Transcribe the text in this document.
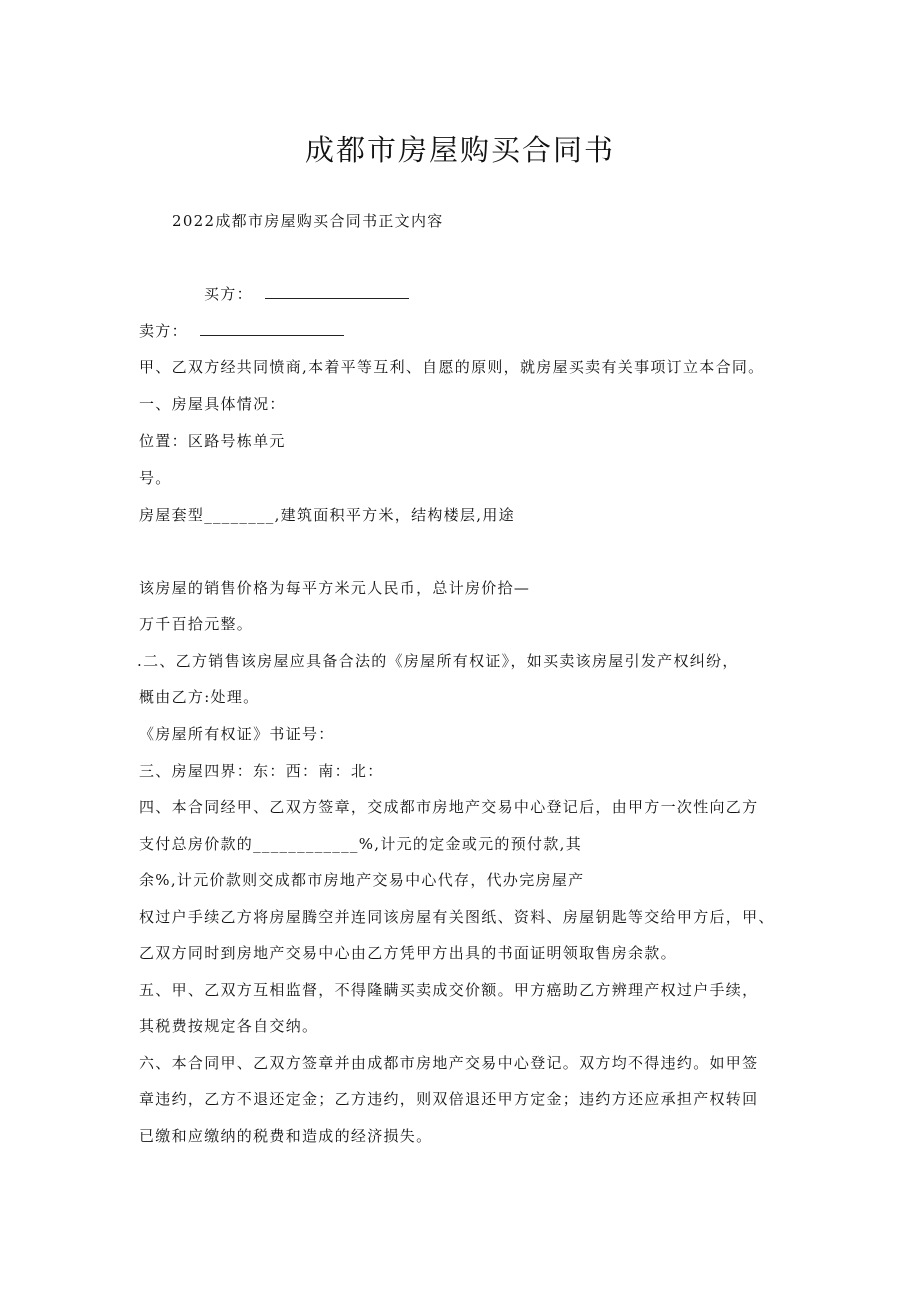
成都市房屋购买合同书
2022成都市房屋购买合同书正文内容
买方：
卖方：
甲、乙双方经共同愤商,本着平等互利、自愿的原则，就房屋买卖有关事项订立本合同。
一、房屋具体情况：
位置：区路号栋单元
号。
房屋套型________,建筑面积平方米，结构楼层,用途
该房屋的销售价格为每平方米元人民币，总计房价拾—
万千百拾元整。
.二、乙方销售该房屋应具备合法的《房屋所有权证》，如买卖该房屋引发产权纠纷，
概由乙方:处理。
《房屋所有权证》书证号：
三、房屋四界：东：西：南：北：
四、本合同经甲、乙双方签章，交成都市房地产交易中心登记后，由甲方一次性向乙方
支付总房价款的____________%,计元的定金或元的预付款,其
余%,计元价款则交成都市房地产交易中心代存，代办完房屋产
权过户手续乙方将房屋腾空并连同该房屋有关图纸、资料、房屋钥匙等交给甲方后，甲、
乙双方同时到房地产交易中心由乙方凭甲方出具的书面证明领取售房余款。
五、甲、乙双方互相监督，不得隆瞒买卖成交价额。甲方癌助乙方辨理产权过户手续，
其税费按规定各自交纳。
六、本合同甲、乙双方签章并由成都市房地产交易中心登记。双方均不得违约。如甲签
章违约，乙方不退还定金；乙方违约，则双倍退还甲方定金；违约方还应承担产权转回
已缴和应缴纳的税费和造成的经济损失。
